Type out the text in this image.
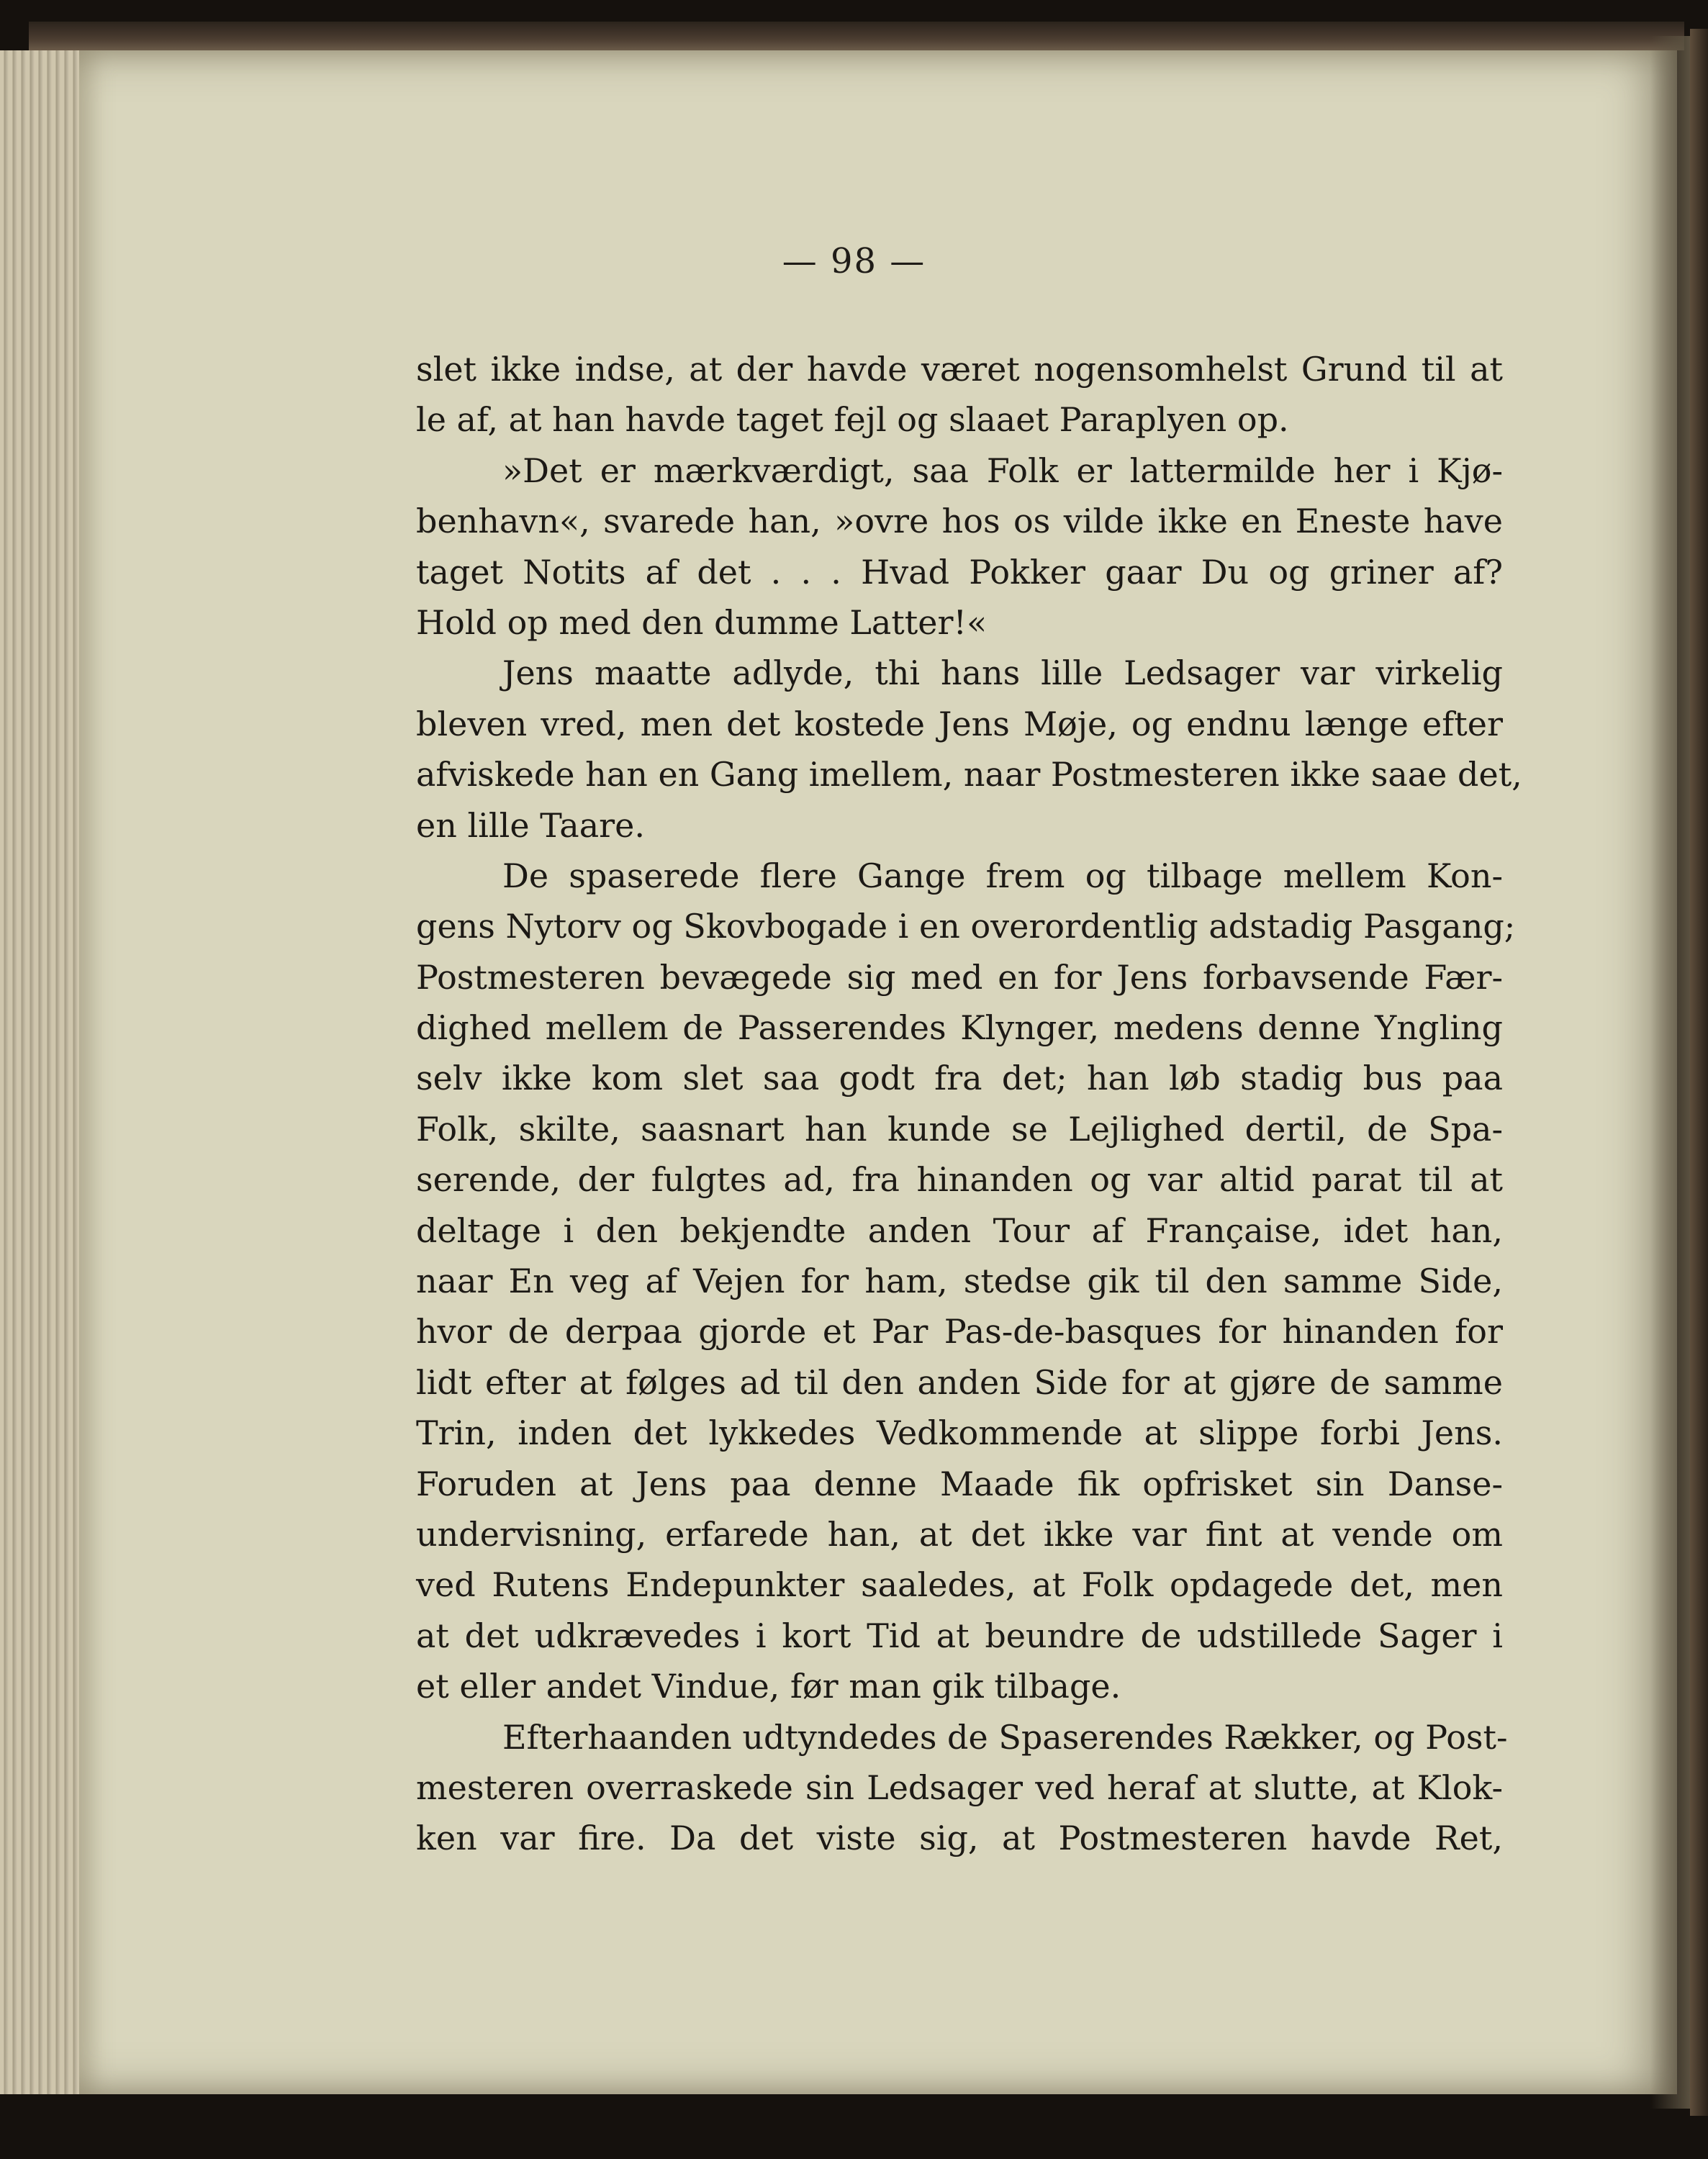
— 98 —
slet ikke indse, at der havde været nogensomhelst Grund til at
le af, at han havde taget fejl og slaaet Paraplyen op.
»Det er mærkværdigt, saa Folk er lattermilde her i Kjø-
benhavn«, svarede han, »ovre hos os vilde ikke en Eneste have
taget Notits af det . . . Hvad Pokker gaar Du og griner af?
Hold op med den dumme Latter!«
Jens maatte adlyde, thi hans lille Ledsager var virkelig
bleven vred, men det kostede Jens Møje, og endnu længe efter
afviskede han en Gang imellem, naar Postmesteren ikke saae det,
en lille Taare.
De spaserede flere Gange frem og tilbage mellem Kon-
gens Nytorv og Skovbogade i en overordentlig adstadig Pasgang;
Postmesteren bevægede sig med en for Jens forbavsende Fær-
dighed mellem de Passerendes Klynger, medens denne Yngling
selv ikke kom slet saa godt fra det; han løb stadig bus paa
Folk, skilte, saasnart han kunde se Lejlighed dertil, de Spa-
serende, der fulgtes ad, fra hinanden og var altid parat til at
deltage i den bekjendte anden Tour af Française, idet han,
naar En veg af Vejen for ham, stedse gik til den samme Side,
hvor de derpaa gjorde et Par Pas-de-basques for hinanden for
lidt efter at følges ad til den anden Side for at gjøre de samme
Trin, inden det lykkedes Vedkommende at slippe forbi Jens.
Foruden at Jens paa denne Maade fik opfrisket sin Danse-
undervisning, erfarede han, at det ikke var fint at vende om
ved Rutens Endepunkter saaledes, at Folk opdagede det, men
at det udkrævedes i kort Tid at beundre de udstillede Sager i
et eller andet Vindue, før man gik tilbage.
Efterhaanden udtyndedes de Spaserendes Rækker, og Post-
mesteren overraskede sin Ledsager ved heraf at slutte, at Klok-
ken var fire. Da det viste sig, at Postmesteren havde Ret,
